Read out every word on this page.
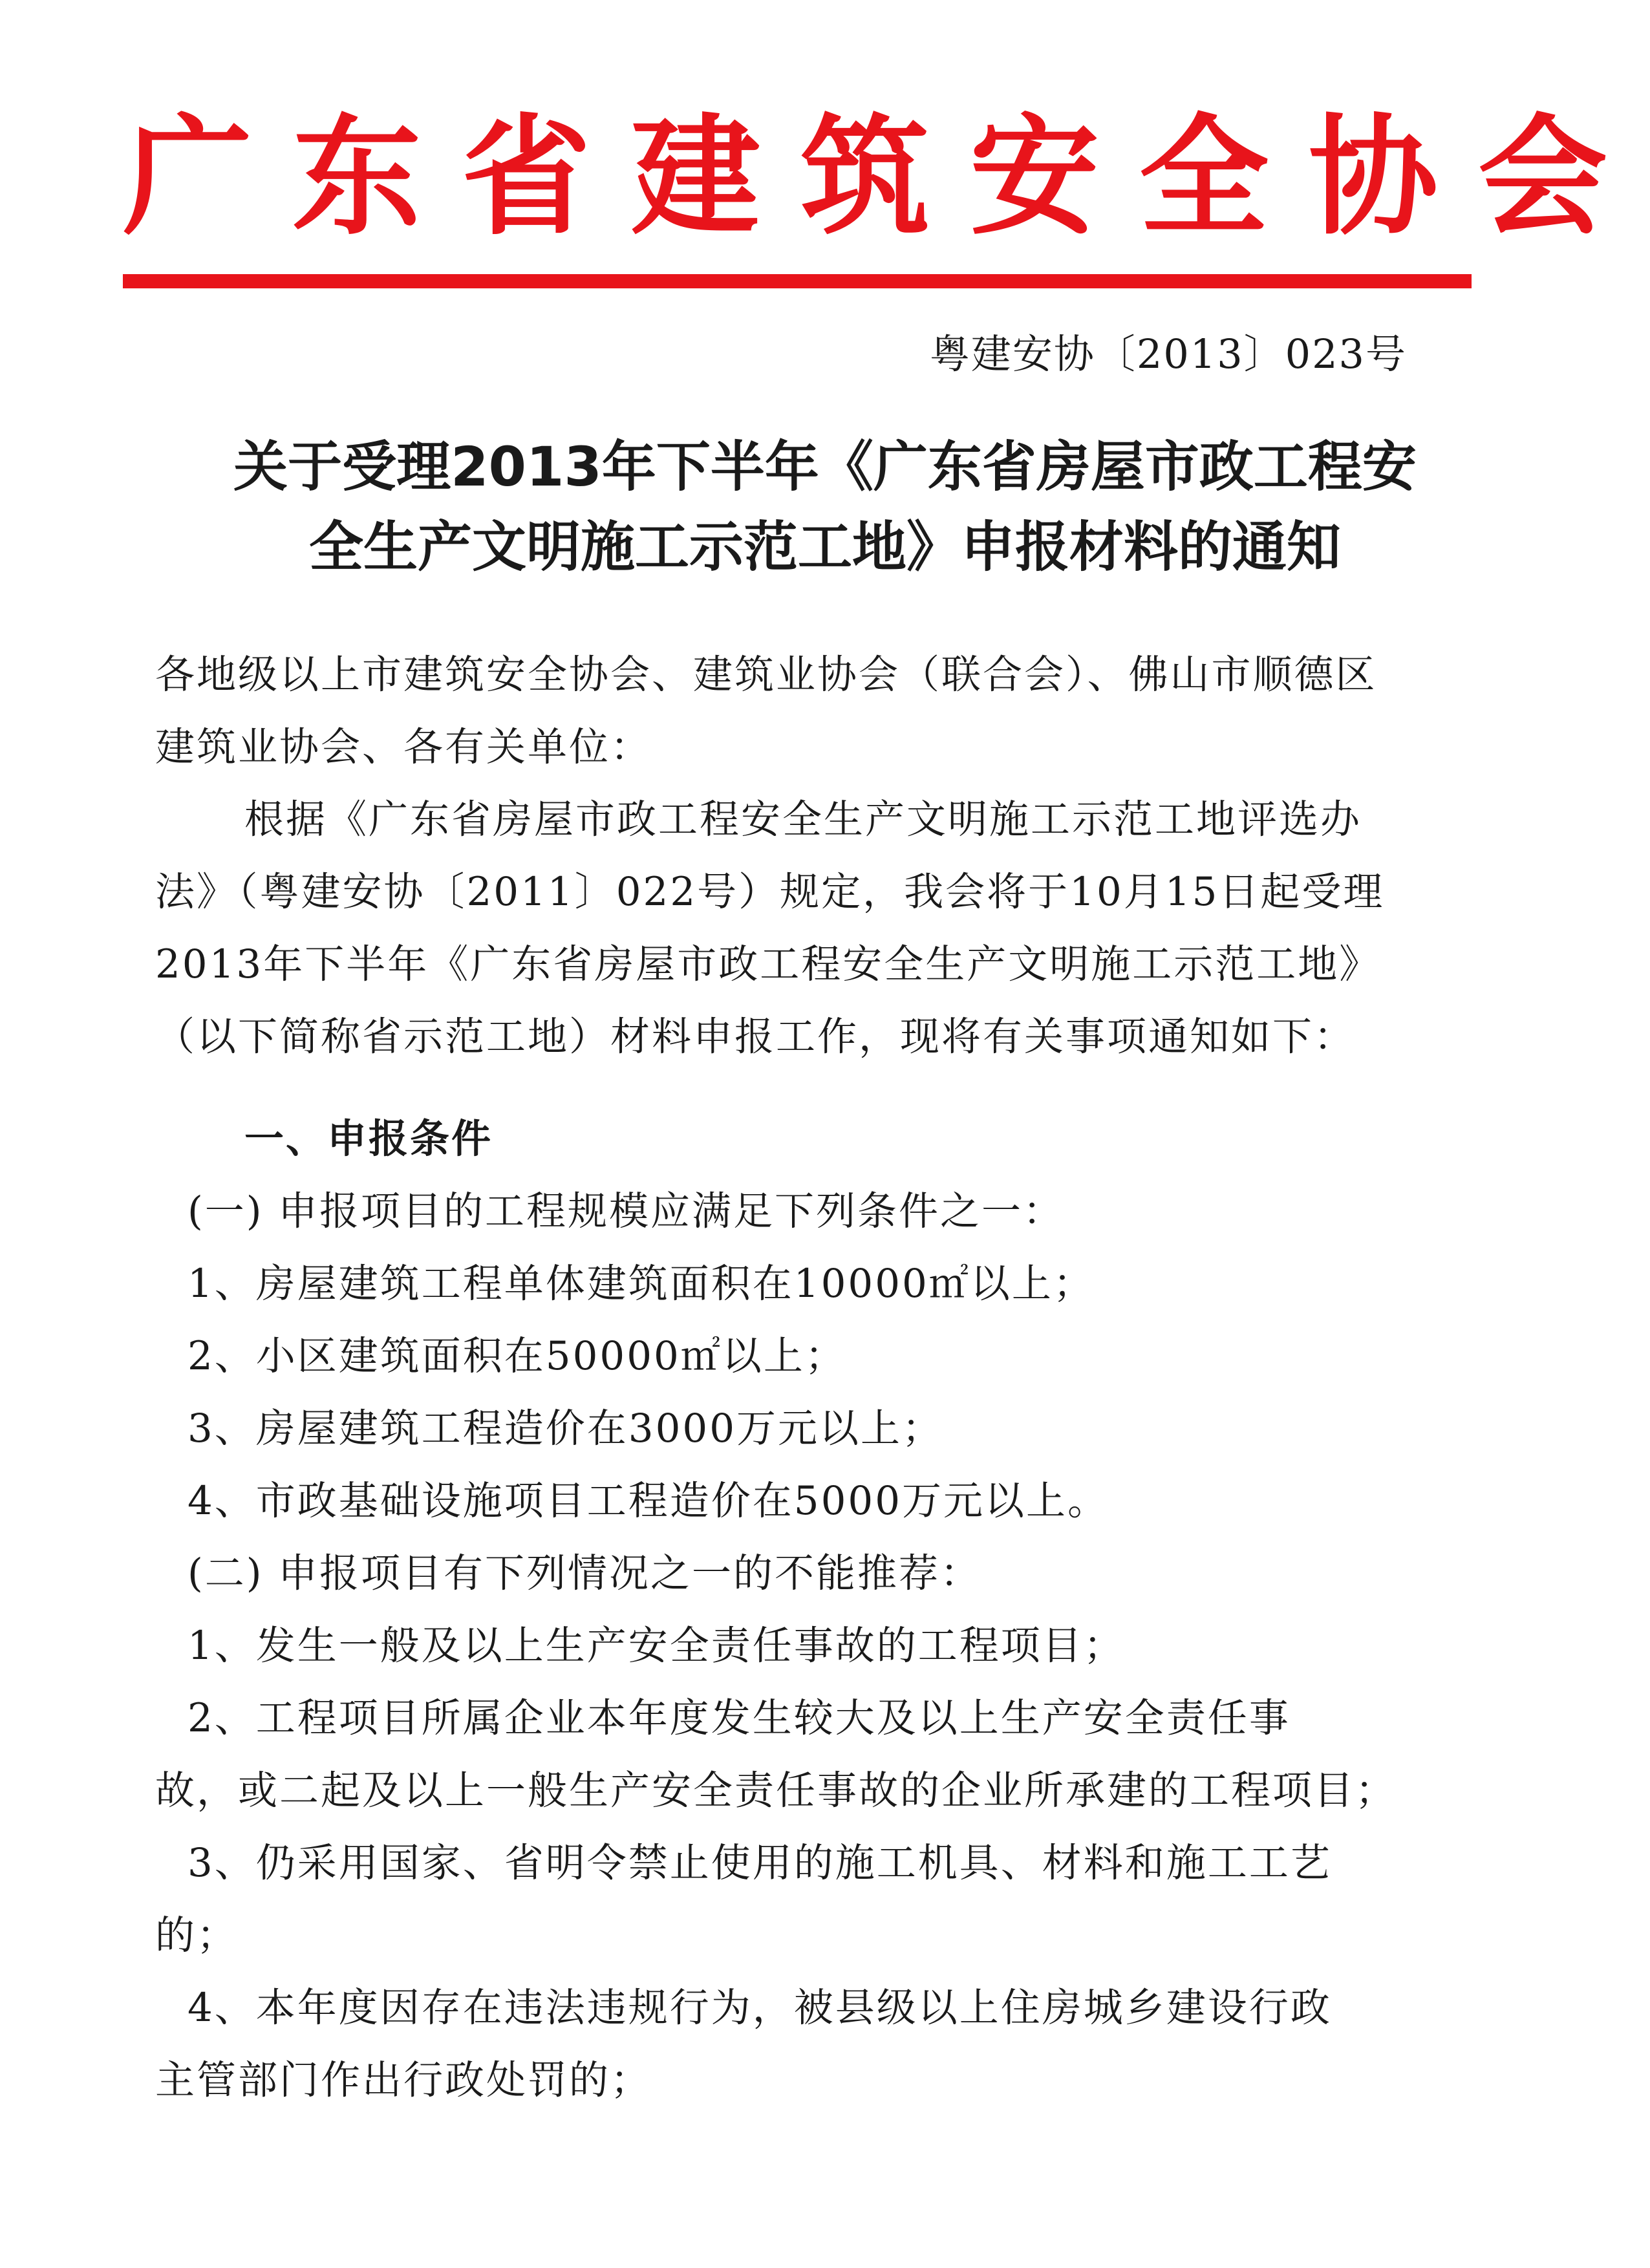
广东省建筑安全协会
粤建安协〔2013〕023号
关于受理2013年下半年《广东省房屋市政工程安
全生产文明施工示范工地》申报材料的通知

各地级以上市建筑安全协会、建筑业协会（联合会）、佛山市顺德区

建筑业协会、各有关单位：

根据《广东省房屋市政工程安全生产文明施工示范工地评选办

法》（粤建安协〔2011〕022号）规定，我会将于10月15日起受理

2013年下半年《广东省房屋市政工程安全生产文明施工示范工地》

（以下简称省示范工地）材料申报工作，现将有关事项通知如下：

一、申报条件

(一) 申报项目的工程规模应满足下列条件之一：

1、房屋建筑工程单体建筑面积在10000㎡以上；

2、小区建筑面积在50000㎡以上；

3、房屋建筑工程造价在3000万元以上；

4、市政基础设施项目工程造价在5000万元以上。

(二) 申报项目有下列情况之一的不能推荐：

1、发生一般及以上生产安全责任事故的工程项目；

2、工程项目所属企业本年度发生较大及以上生产安全责任事

故，或二起及以上一般生产安全责任事故的企业所承建的工程项目；

3、仍采用国家、省明令禁止使用的施工机具、材料和施工工艺

的；

4、本年度因存在违法违规行为，被县级以上住房城乡建设行政

主管部门作出行政处罚的；
